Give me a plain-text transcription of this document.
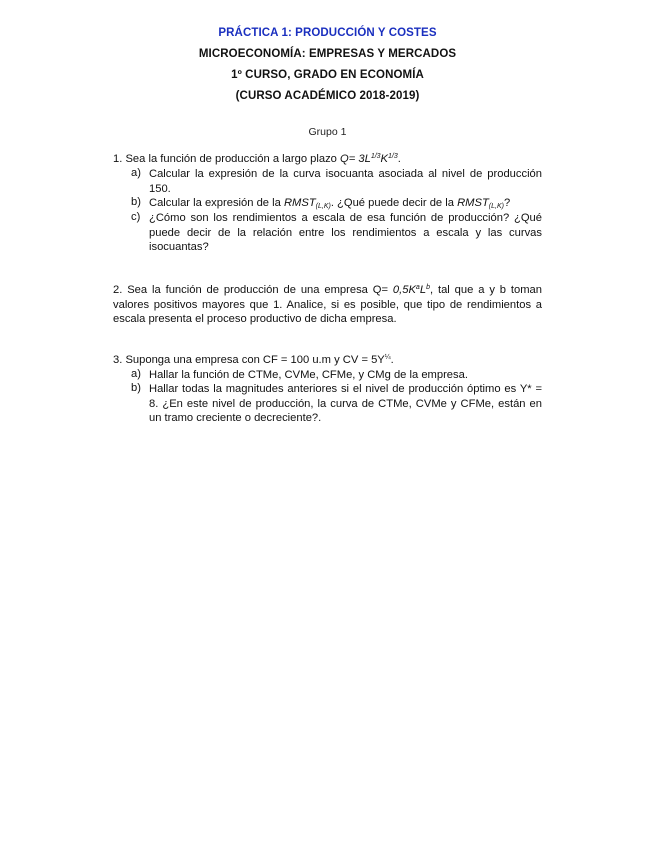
PRÁCTICA 1: PRODUCCIÓN Y COSTES
MICROECONOMÍA: EMPRESAS Y MERCADOS
1º CURSO, GRADO EN ECONOMÍA
(CURSO ACADÉMICO 2018-2019)
Grupo 1
1. Sea la función de producción a largo plazo $Q= 3L^{1/3}K^{1/3}$.
a) Calcular la expresión de la curva isocuanta asociada al nivel de producción 150.
b) Calcular la expresión de la $RMST_{(L,K)}$. ¿Qué puede decir de la $RMST_{(L,K)}$?
c) ¿Cómo son los rendimientos a escala de esa función de producción? ¿Qué puede decir de la relación entre los rendimientos a escala y las curvas isocuantas?
2. Sea la función de producción de una empresa $Q= 0,5K^aL^b$, tal que a y b toman valores positivos mayores que 1. Analice, si es posible, que tipo de rendimientos a escala presenta el proceso productivo de dicha empresa.
3. Suponga una empresa con CF = 100 u.m y CV = $5Y^{\frac{1}{4}}$.
a) Hallar la función de CTMe, CVMe, CFMe, y CMg de la empresa.
b) Hallar todas la magnitudes anteriores si el nivel de producción óptimo es Y* = 8. ¿En este nivel de producción, la curva de CTMe, CVMe y CFMe, están en un tramo creciente o decreciente?.
